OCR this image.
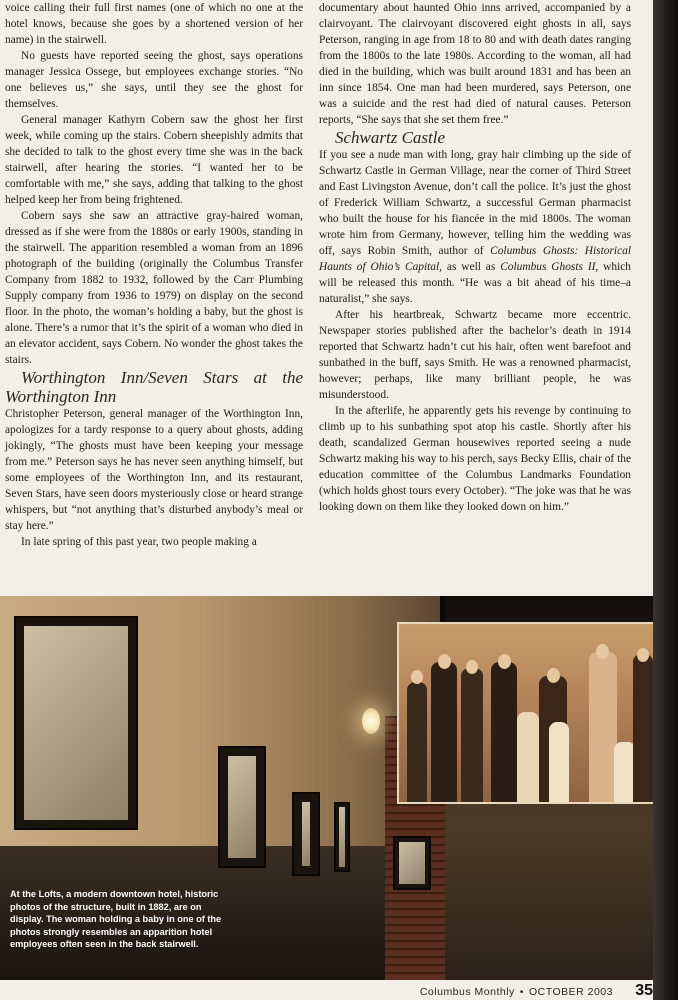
voice calling their full first names (one of which no one at the hotel knows, because she goes by a shortened version of her name) in the stairwell.

No guests have reported seeing the ghost, says operations manager Jessica Ossege, but employees exchange stories. “No one believes us,” she says, until they see the ghost for themselves.

General manager Kathyrn Cobern saw the ghost her first week, while coming up the stairs. Cobern sheepishly admits that she decided to talk to the ghost every time she was in the back stairwell, after hearing the stories. “I wanted her to be comfortable with me,” she says, adding that talking to the ghost helped keep her from being frightened.

Cobern says she saw an attractive gray-haired woman, dressed as if she were from the 1880s or early 1900s, standing in the stairwell. The apparition resembled a woman from an 1896 photograph of the building (originally the Columbus Transfer Company from 1882 to 1932, followed by the Carr Plumbing Supply company from 1936 to 1979) on display on the second floor. In the photo, the woman’s holding a baby, but the ghost is alone. There’s a rumor that it’s the spirit of a woman who died in an elevator accident, says Cobern. No wonder the ghost takes the stairs.

Worthington Inn/Seven Stars at the Worthington Inn

Christopher Peterson, general manager of the Worthington Inn, apologizes for a tardy response to a query about ghosts, adding jokingly, “The ghosts must have been keeping your message from me.” Peterson says he has never seen anything himself, but some employees of the Worthington Inn, and its restaurant, Seven Stars, have seen doors mysteriously close or heard strange whispers, but “not anything that’s disturbed anybody’s meal or stay here.”

In late spring of this past year, two people making a

documentary about haunted Ohio inns arrived, accompanied by a clairvoyant. The clairvoyant discovered eight ghosts in all, says Peterson, ranging in age from 18 to 80 and with death dates ranging from the 1800s to the late 1980s. According to the woman, all had died in the building, which was built around 1831 and has been an inn since 1854. One man had been murdered, says Peterson, one was a suicide and the rest had died of natural causes. Peterson reports, “She says that she set them free.”

Schwartz Castle

If you see a nude man with long, gray hair climbing up the side of Schwartz Castle in German Village, near the corner of Third Street and East Livingston Avenue, don’t call the police. It’s just the ghost of Frederick William Schwartz, a successful German pharmacist who built the house for his fiancée in the mid 1800s. The woman wrote him from Germany, however, telling him the wedding was off, says Robin Smith, author of Columbus Ghosts: Historical Haunts of Ohio’s Capital, as well as Columbus Ghosts II, which will be released this month. “He was a bit ahead of his time–a naturalist,” she says.

After his heartbreak, Schwartz became more eccentric. Newspaper stories published after the bachelor’s death in 1914 reported that Schwartz hadn’t cut his hair, often went barefoot and sunbathed in the buff, says Smith. He was a renowned pharmacist, however; perhaps, like many brilliant people, he was misunderstood.

In the afterlife, he apparently gets his revenge by continuing to climb up to his sunbathing spot atop his castle. Shortly after his death, scandalized German housewives reported seeing a nude Schwartz making his way to his perch, says Becky Ellis, chair of the education committee of the Columbus Landmarks Foundation (which holds ghost tours every October). “The joke was that he was looking down on them like they looked down on him.”

At the Lofts, a modern downtown hotel, historic photos of the structure, built in 1882, are on display. The woman holding a baby in one of the photos strongly resembles an apparition hotel employees often seen in the back stairwell.
Columbus Monthly • OCTOBER 2003 35
